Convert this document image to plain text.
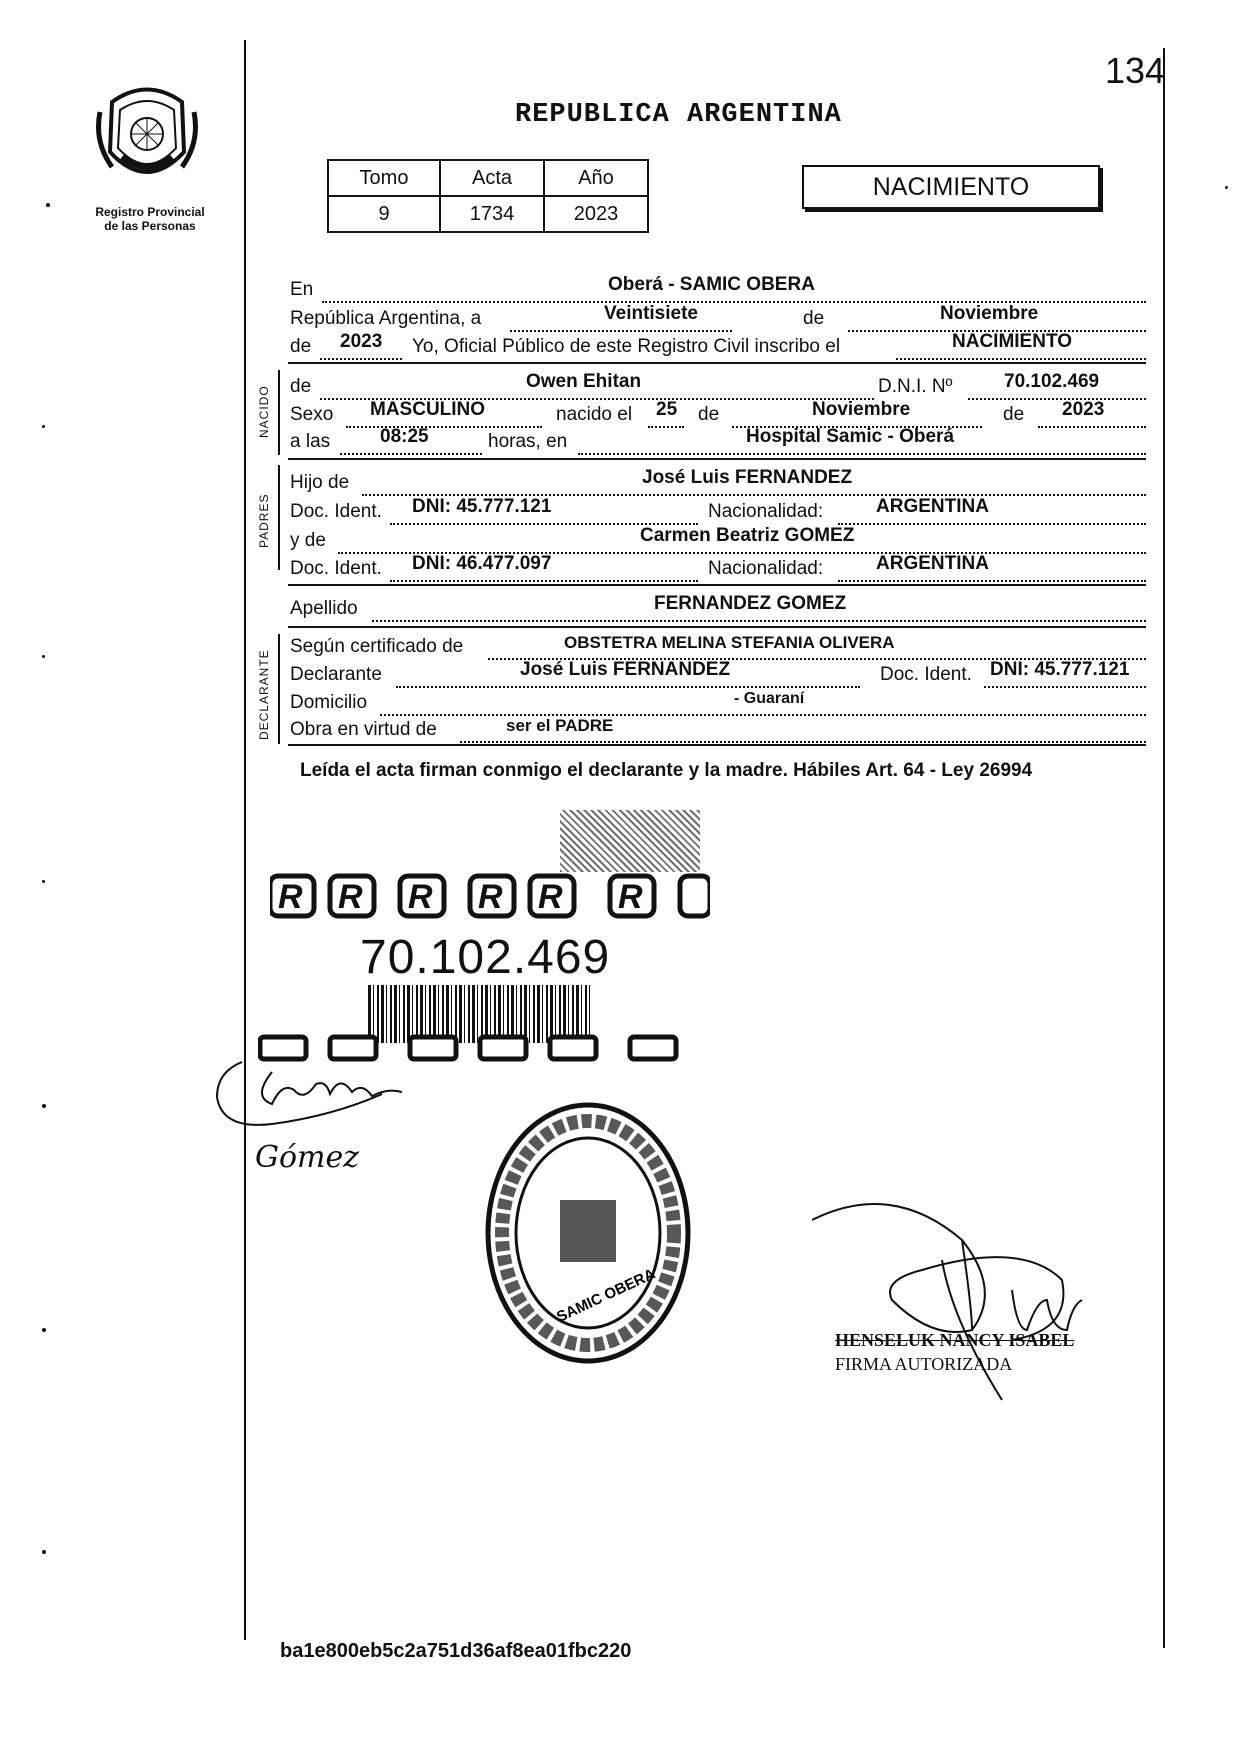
Registro Provincial
de las Personas
134
REPUBLICA ARGENTINA
Tomo	Acta	Año
9	1734	2023
NACIMIENTO
NACIDO
PADRES
DECLARANTE
En	Oberá - SAMIC OBERA
República Argentina, a	Veintisiete	de	Noviembre
de 2023 Yo, Oficial Público de este Registro Civil inscribo el	NACIMIENTO
de	Owen Ehitan	D.N.I. Nº	70.102.469
Sexo MASCULINO	nacido el 25 de	Noviembre	de 2023
a las	08:25	horas, en	Hospital Samic - Oberá
Hijo de	José Luis FERNANDEZ
Doc. Ident. DNI: 45.777.121	Nacionalidad:	ARGENTINA
y de	Carmen Beatriz GOMEZ
Doc. Ident. DNI: 46.477.097	Nacionalidad:	ARGENTINA
Apellido	FERNANDEZ GOMEZ
Según certificado de	OBSTETRA MELINA STEFANIA OLIVERA
Declarante	José Luis FERNANDEZ	Doc. Ident. DNI: 45.777.121
Domicilio	- Guaraní
Obra en virtud de	ser el PADRE
Leída el acta firman conmigo el declarante y la madre. Hábiles Art. 64 - Ley 26994
R R R R R R
70.102.469
Gómez
SAMIC OBERA
HENSELUK NANCY ISABEL
FIRMA AUTORIZADA
ba1e800eb5c2a751d36af8ea01fbc220
